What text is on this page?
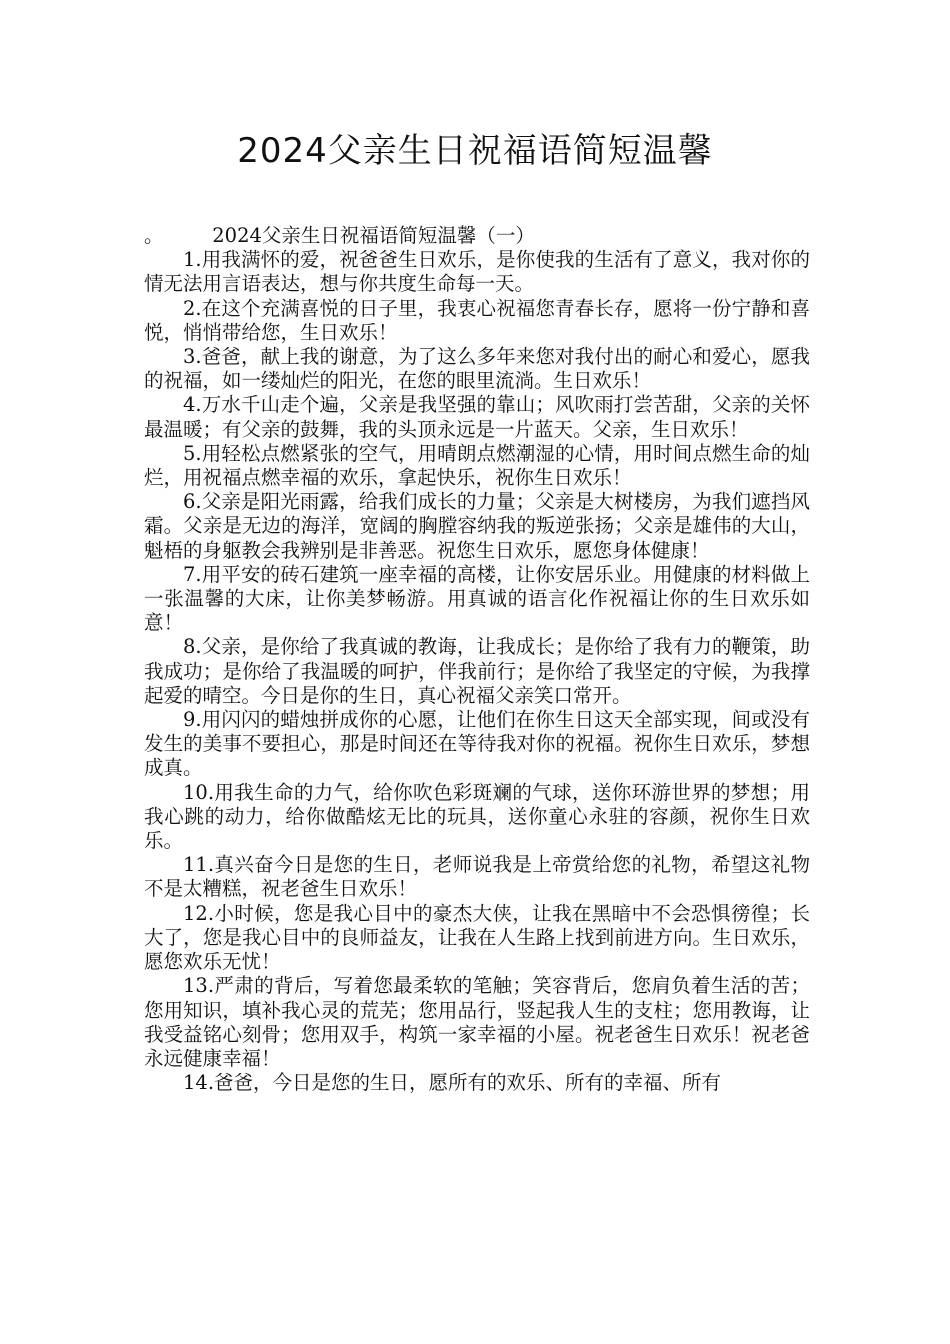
2024父亲生日祝福语简短温馨

。　　　2024父亲生日祝福语简短温馨（一）

1.用我满怀的爱，祝爸爸生日欢乐，是你使我的生活有了意义，我对你的情无法用言语表达，想与你共度生命每一天。

2.在这个充满喜悦的日子里，我衷心祝福您青春长存，愿将一份宁静和喜悦，悄悄带给您，生日欢乐！

3.爸爸，献上我的谢意，为了这么多年来您对我付出的耐心和爱心，愿我的祝福，如一缕灿烂的阳光，在您的眼里流淌。生日欢乐！

4.万水千山走个遍，父亲是我坚强的靠山；风吹雨打尝苦甜，父亲的关怀最温暖；有父亲的鼓舞，我的头顶永远是一片蓝天。父亲，生日欢乐！

5.用轻松点燃紧张的空气，用晴朗点燃潮湿的心情，用时间点燃生命的灿烂，用祝福点燃幸福的欢乐，拿起快乐，祝你生日欢乐！

6.父亲是阳光雨露，给我们成长的力量；父亲是大树楼房，为我们遮挡风霜。父亲是无边的海洋，宽阔的胸膛容纳我的叛逆张扬；父亲是雄伟的大山，魁梧的身躯教会我辨别是非善恶。祝您生日欢乐，愿您身体健康！

7.用平安的砖石建筑一座幸福的高楼，让你安居乐业。用健康的材料做上一张温馨的大床，让你美梦畅游。用真诚的语言化作祝福让你的生日欢乐如意！

8.父亲，是你给了我真诚的教诲，让我成长；是你给了我有力的鞭策，助我成功；是你给了我温暖的呵护，伴我前行；是你给了我坚定的守候，为我撑起爱的晴空。今日是你的生日，真心祝福父亲笑口常开。

9.用闪闪的蜡烛拼成你的心愿，让他们在你生日这天全部实现，间或没有发生的美事不要担心，那是时间还在等待我对你的祝福。祝你生日欢乐，梦想成真。

10.用我生命的力气，给你吹色彩斑斓的气球，送你环游世界的梦想；用我心跳的动力，给你做酷炫无比的玩具，送你童心永驻的容颜，祝你生日欢乐。

11.真兴奋今日是您的生日，老师说我是上帝赏给您的礼物，希望这礼物不是太糟糕，祝老爸生日欢乐！

12.小时候，您是我心目中的豪杰大侠，让我在黑暗中不会恐惧徬徨；长大了，您是我心目中的良师益友，让我在人生路上找到前进方向。生日欢乐，愿您欢乐无忧！

13.严肃的背后，写着您最柔软的笔触；笑容背后，您肩负着生活的苦；您用知识，填补我心灵的荒芜；您用品行，竖起我人生的支柱；您用教诲，让我受益铭心刻骨；您用双手，构筑一家幸福的小屋。祝老爸生日欢乐！祝老爸永远健康幸福！

14.爸爸，今日是您的生日，愿所有的欢乐、所有的幸福、所有
